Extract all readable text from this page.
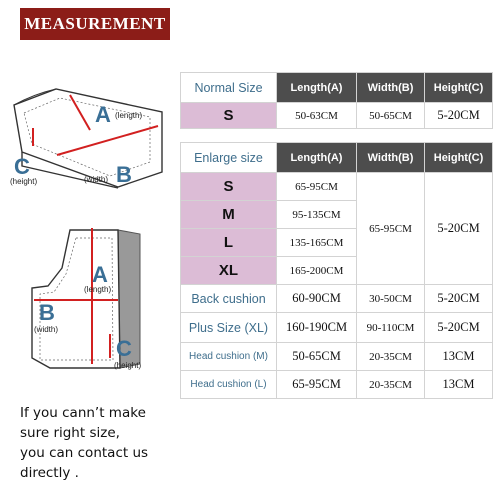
MEASUREMENT
A (length)
B
(width)
C
(height)
A
(length)
B
(width)
C
(height)
Normal Size	Length(A)	Width(B)	Height(C)
S	50-63CM	50-65CM	5-20CM
Enlarge size	Length(A)	Width(B)	Height(C)
S	65-95CM	65-95CM	5-20CM
M	95-135CM		
L	135-165CM		
XL	165-200CM		
Back cushion	60-90CM	30-50CM	5-20CM
Plus Size (XL)	160-190CM	90-110CM	5-20CM
Head cushion (M)	50-65CM	20-35CM	13CM
Head cushion (L)	65-95CM	20-35CM	13CM
If you cann’t make
sure right size,
you can contact us
directly .
